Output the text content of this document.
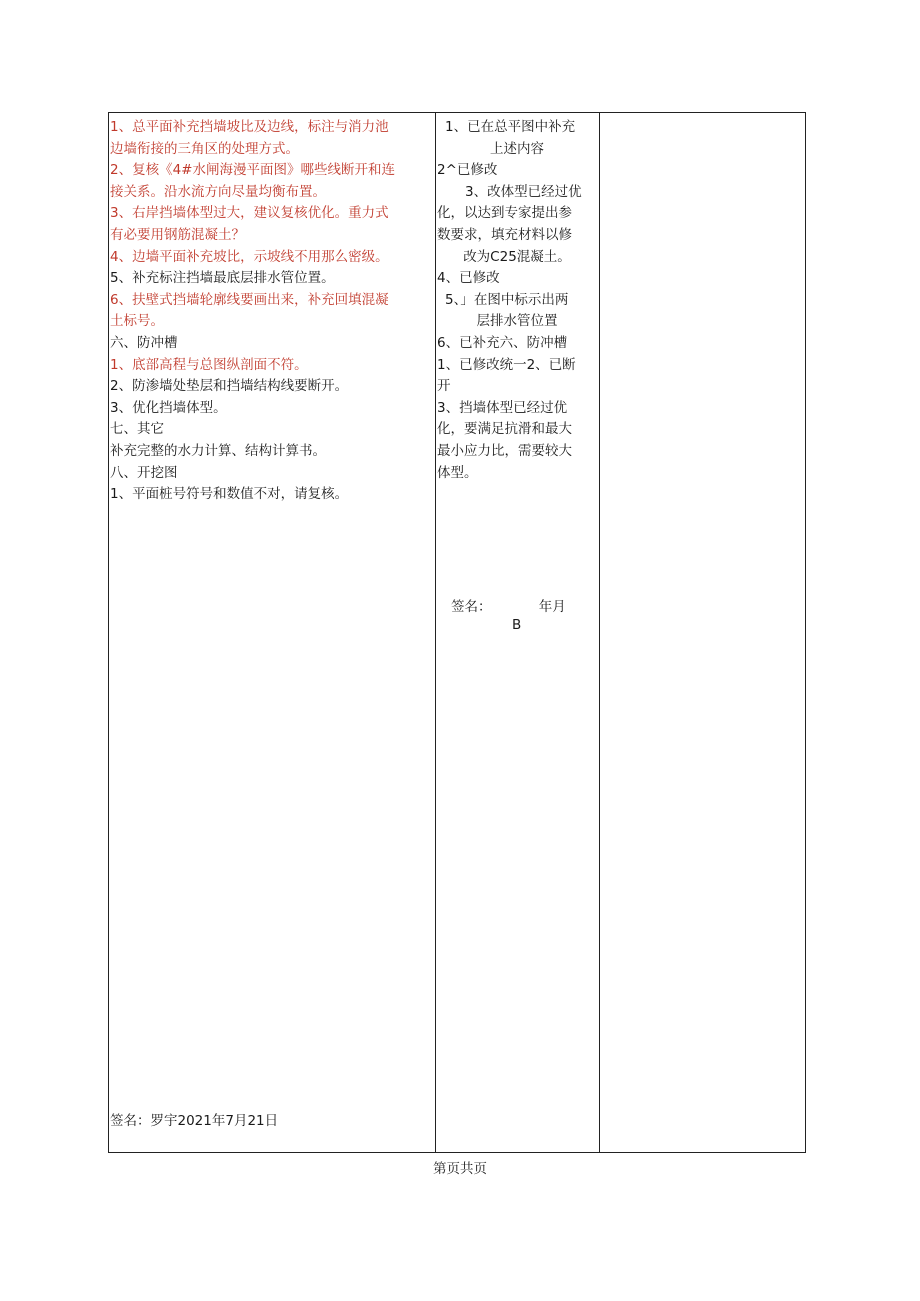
1、总平面补充挡墙坡比及边线，标注与消力池
边墙衔接的三角区的处理方式。
2、复核《4#水闸海漫平面图》哪些线断开和连
接关系。沿水流方向尽量均衡布置。
3、右岸挡墙体型过大，建议复核优化。重力式
有必要用钢筋混凝土？
4、边墙平面补充坡比，示坡线不用那么密级。
5、补充标注挡墙最底层排水管位置。
6、扶壁式挡墙轮廓线要画出来，补充回填混凝
土标号。
六、防冲槽
1、底部高程与总图纵剖面不符。
2、防渗墙处垫层和挡墙结构线要断开。
3、优化挡墙体型。
七、其它
补充完整的水力计算、结构计算书。
八、开挖图
1、平面桩号符号和数值不对，请复核。
1、已在总平图中补充
上述内容
2^已修改
3、改体型已经过优
化，以达到专家提出参
数要求，填充材料以修
改为C25混凝土。
4、已修改
5、」在图中标示出两
层排水管位置
6、已补充六、防冲槽
1、已修改统一2、已断
开
3、挡墙体型已经过优
化，要满足抗滑和最大
最小应力比，需要较大
体型。
签名：罗宇2021年7月21日
签名：           年月
B
第页共页
